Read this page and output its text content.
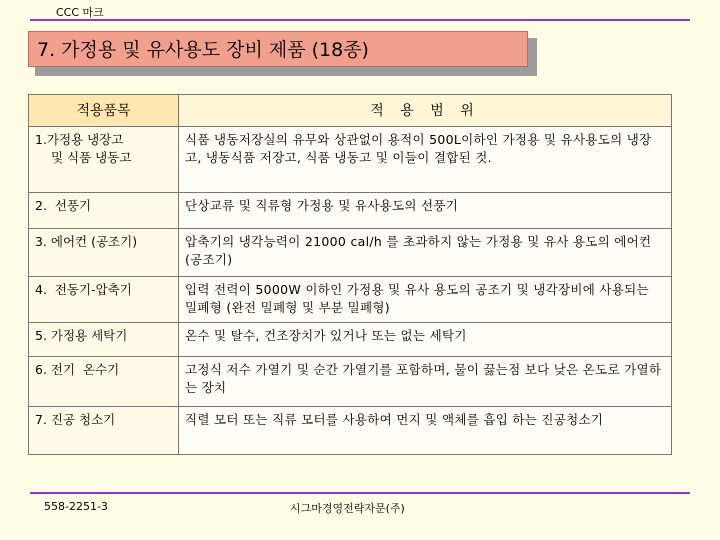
CCC 마크
7. 가정용 및 유사용도 장비 제품 (18종)
적용품목	적 용 범 위

1.가정용 냉장고
및 식품 냉동고	식품 냉동저장실의 유무와 상관없이 용적이 500L이하인 가정용 및 유사용도의 냉장고, 냉동식품 저장고, 식품 냉동고 및 이들이 결합된 것.
2.  선풍기	단상교류 및 직류형 가정용 및 유사용도의 선풍기
3. 에어컨 (공조기)	압축기의 냉각능력이 21000 cal/h 를 초과하지 않는 가정용 및 유사 용도의 에어컨 (공조기)
4.  전동기-압축기	입력 전력이 5000W 이하인 가정용 및 유사 용도의 공조기 및 냉각장비에 사용되는 밀폐형 (완전 밀폐형 및 부분 밀폐형)
5. 가정용 세탁기	온수 및 탈수, 건조장치가 있거나 또는 없는 세탁기
6. 전기  온수기	고정식 저수 가열기 및 순간 가열기를 포함하며, 물이 끓는점 보다 낮은 온도로 가열하는 장치
7. 진공 청소기	직렬 모터 또는 직류 모터를 사용하여 먼지 및 액체를 흡입 하는 진공청소기
558-2251-3	시그마경영전략자문(주)
